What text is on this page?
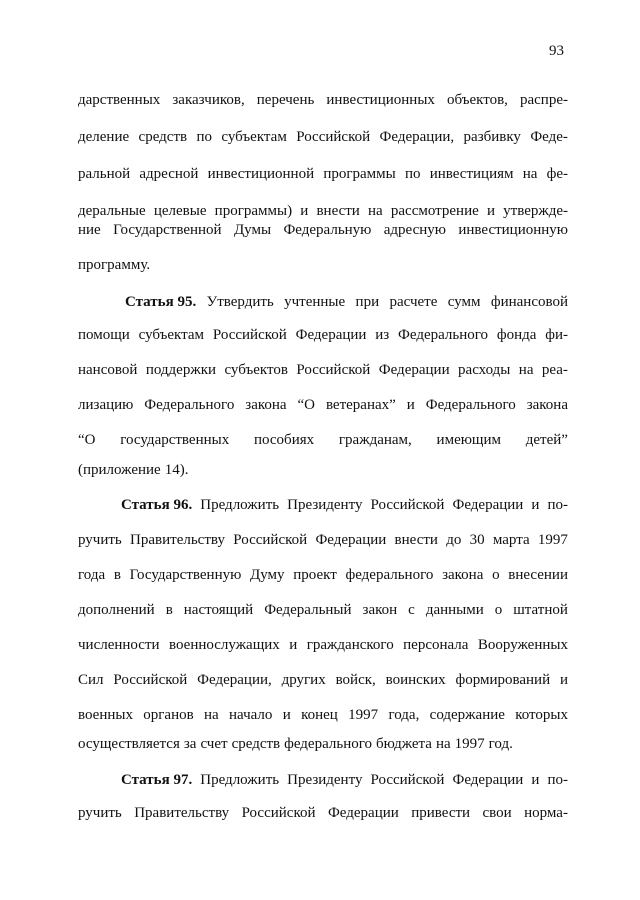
93
дарственных заказчиков, перечень инвестиционных объектов, распре-
деление средств по субъектам Российской Федерации, разбивку Феде-
ральной адресной инвестиционной программы по инвестициям на фе-
деральные целевые программы) и внести на рассмотрение и утвержде-
ние Государственной Думы Федеральную адресную инвестиционную
программу.
Статья 95. Утвердить учтенные при расчете сумм финансовой
помощи субъектам Российской Федерации из Федерального фонда фи-
нансовой поддержки субъектов Российской Федерации расходы на реа-
лизацию Федерального закона “О ветеранах” и Федерального закона
“О государственных пособиях гражданам, имеющим детей”
(приложение 14).
Статья 96. Предложить Президенту Российской Федерации и по-
ручить Правительству Российской Федерации внести до 30 марта 1997
года в Государственную Думу проект федерального закона о внесении
дополнений в настоящий Федеральный закон с данными о штатной
численности военнослужащих и гражданского персонала Вооруженных
Сил Российской Федерации, других войск, воинских формирований и
военных органов на начало и конец 1997 года, содержание которых
осуществляется за счет средств федерального бюджета на 1997 год.
Статья 97. Предложить Президенту Российской Федерации и по-
ручить Правительству Российской Федерации привести свои норма-
